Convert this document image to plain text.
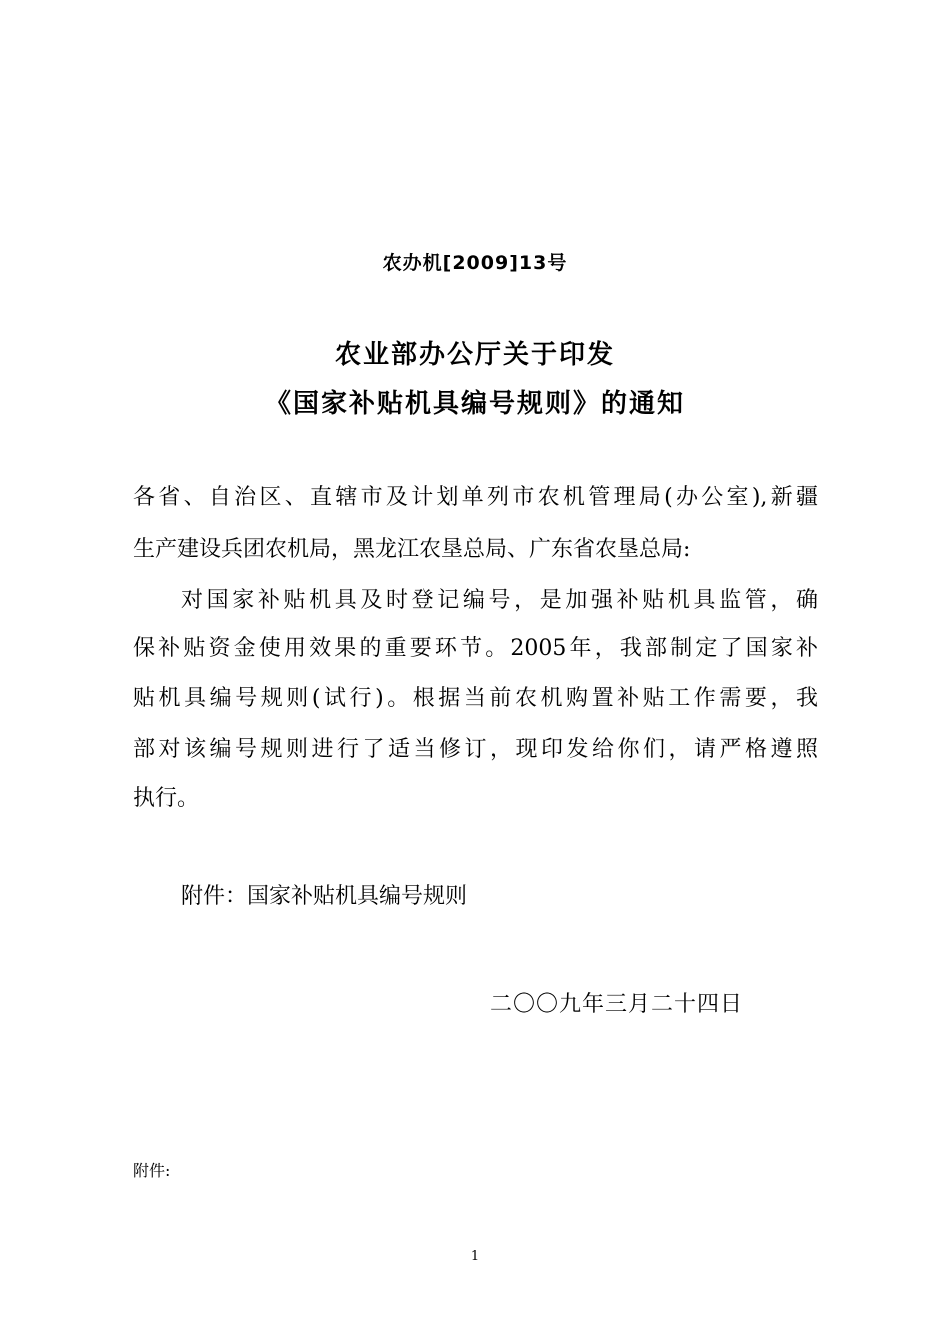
农办机[2009]13号
农业部办公厅关于印发
《国家补贴机具编号规则》的通知
各省、自治区、直辖市及计划单列市农机管理局(办公室),新疆
生产建设兵团农机局，黑龙江农垦总局、广东省农垦总局:
对国家补贴机具及时登记编号，是加强补贴机具监管，确
保补贴资金使用效果的重要环节。2005年，我部制定了国家补
贴机具编号规则(试行)。根据当前农机购置补贴工作需要，我
部对该编号规则进行了适当修订，现印发给你们，请严格遵照
执行。
附件：国家补贴机具编号规则
二〇〇九年三月二十四日
附件:
1
